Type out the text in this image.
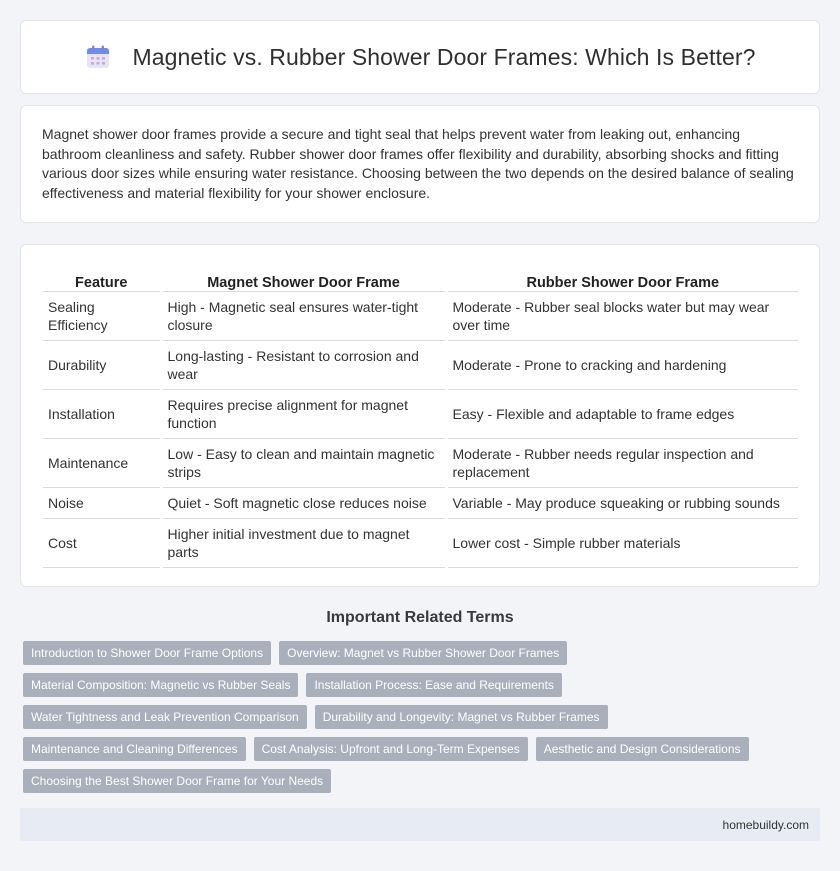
Magnetic vs. Rubber Shower Door Frames: Which Is Better?

Magnet shower door frames provide a secure and tight seal that helps prevent water from leaking out, enhancing bathroom cleanliness and safety. Rubber shower door frames offer flexibility and durability, absorbing shocks and fitting various door sizes while ensuring water resistance. Choosing between the two depends on the desired balance of sealing effectiveness and material flexibility for your shower enclosure.

Feature	Magnet Shower Door Frame	Rubber Shower Door Frame
Sealing Efficiency	High - Magnetic seal ensures water-tight closure	Moderate - Rubber seal blocks water but may wear over time
Durability	Long-lasting - Resistant to corrosion and wear	Moderate - Prone to cracking and hardening
Installation	Requires precise alignment for magnet function	Easy - Flexible and adaptable to frame edges
Maintenance	Low - Easy to clean and maintain magnetic strips	Moderate - Rubber needs regular inspection and replacement
Noise	Quiet - Soft magnetic close reduces noise	Variable - May produce squeaking or rubbing sounds
Cost	Higher initial investment due to magnet parts	Lower cost - Simple rubber materials
Important Related Terms
Introduction to Shower Door Frame Options	Overview: Magnet vs Rubber Shower Door Frames
Material Composition: Magnetic vs Rubber Seals	Installation Process: Ease and Requirements
Water Tightness and Leak Prevention Comparison	Durability and Longevity: Magnet vs Rubber Frames
Maintenance and Cleaning Differences	Cost Analysis: Upfront and Long-Term Expenses	Aesthetic and Design Considerations
Choosing the Best Shower Door Frame for Your Needs
homebuildy.com
